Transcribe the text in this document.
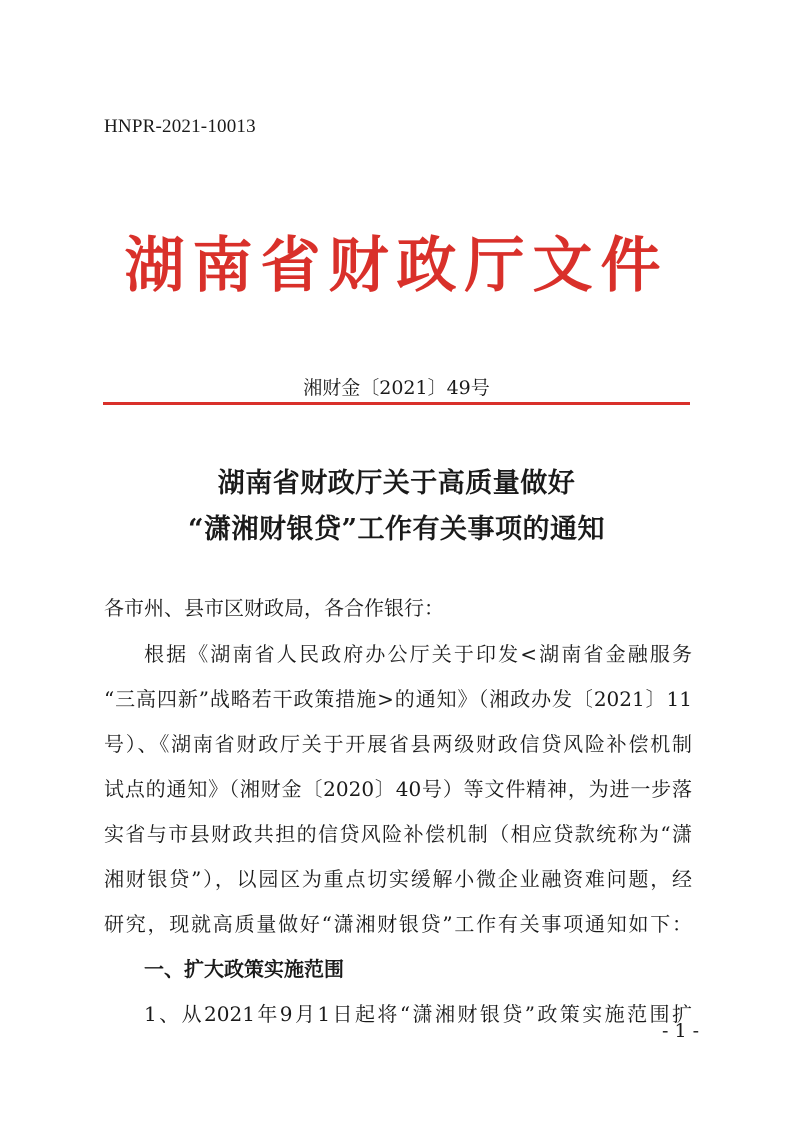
HNPR-2021-10013

湖南省财政厅文件

湘财金〔2021〕49号

湖南省财政厅关于高质量做好
“潇湘财银贷”工作有关事项的通知

各市州、县市区财政局，各合作银行：

根据《湖南省人民政府办公厅关于印发<湖南省金融服务

“三高四新”战略若干政策措施>的通知》（湘政办发〔2021〕11

号）、《湖南省财政厅关于开展省县两级财政信贷风险补偿机制

试点的通知》（湘财金〔2020〕40号）等文件精神，为进一步落

实省与市县财政共担的信贷风险补偿机制（相应贷款统称为“潇

湘财银贷”），以园区为重点切实缓解小微企业融资难问题，经

研究，现就高质量做好“潇湘财银贷”工作有关事项通知如下：

一、扩大政策实施范围

1、从2021年9月1日起将“潇湘财银贷”政策实施范围扩

- 1 -
